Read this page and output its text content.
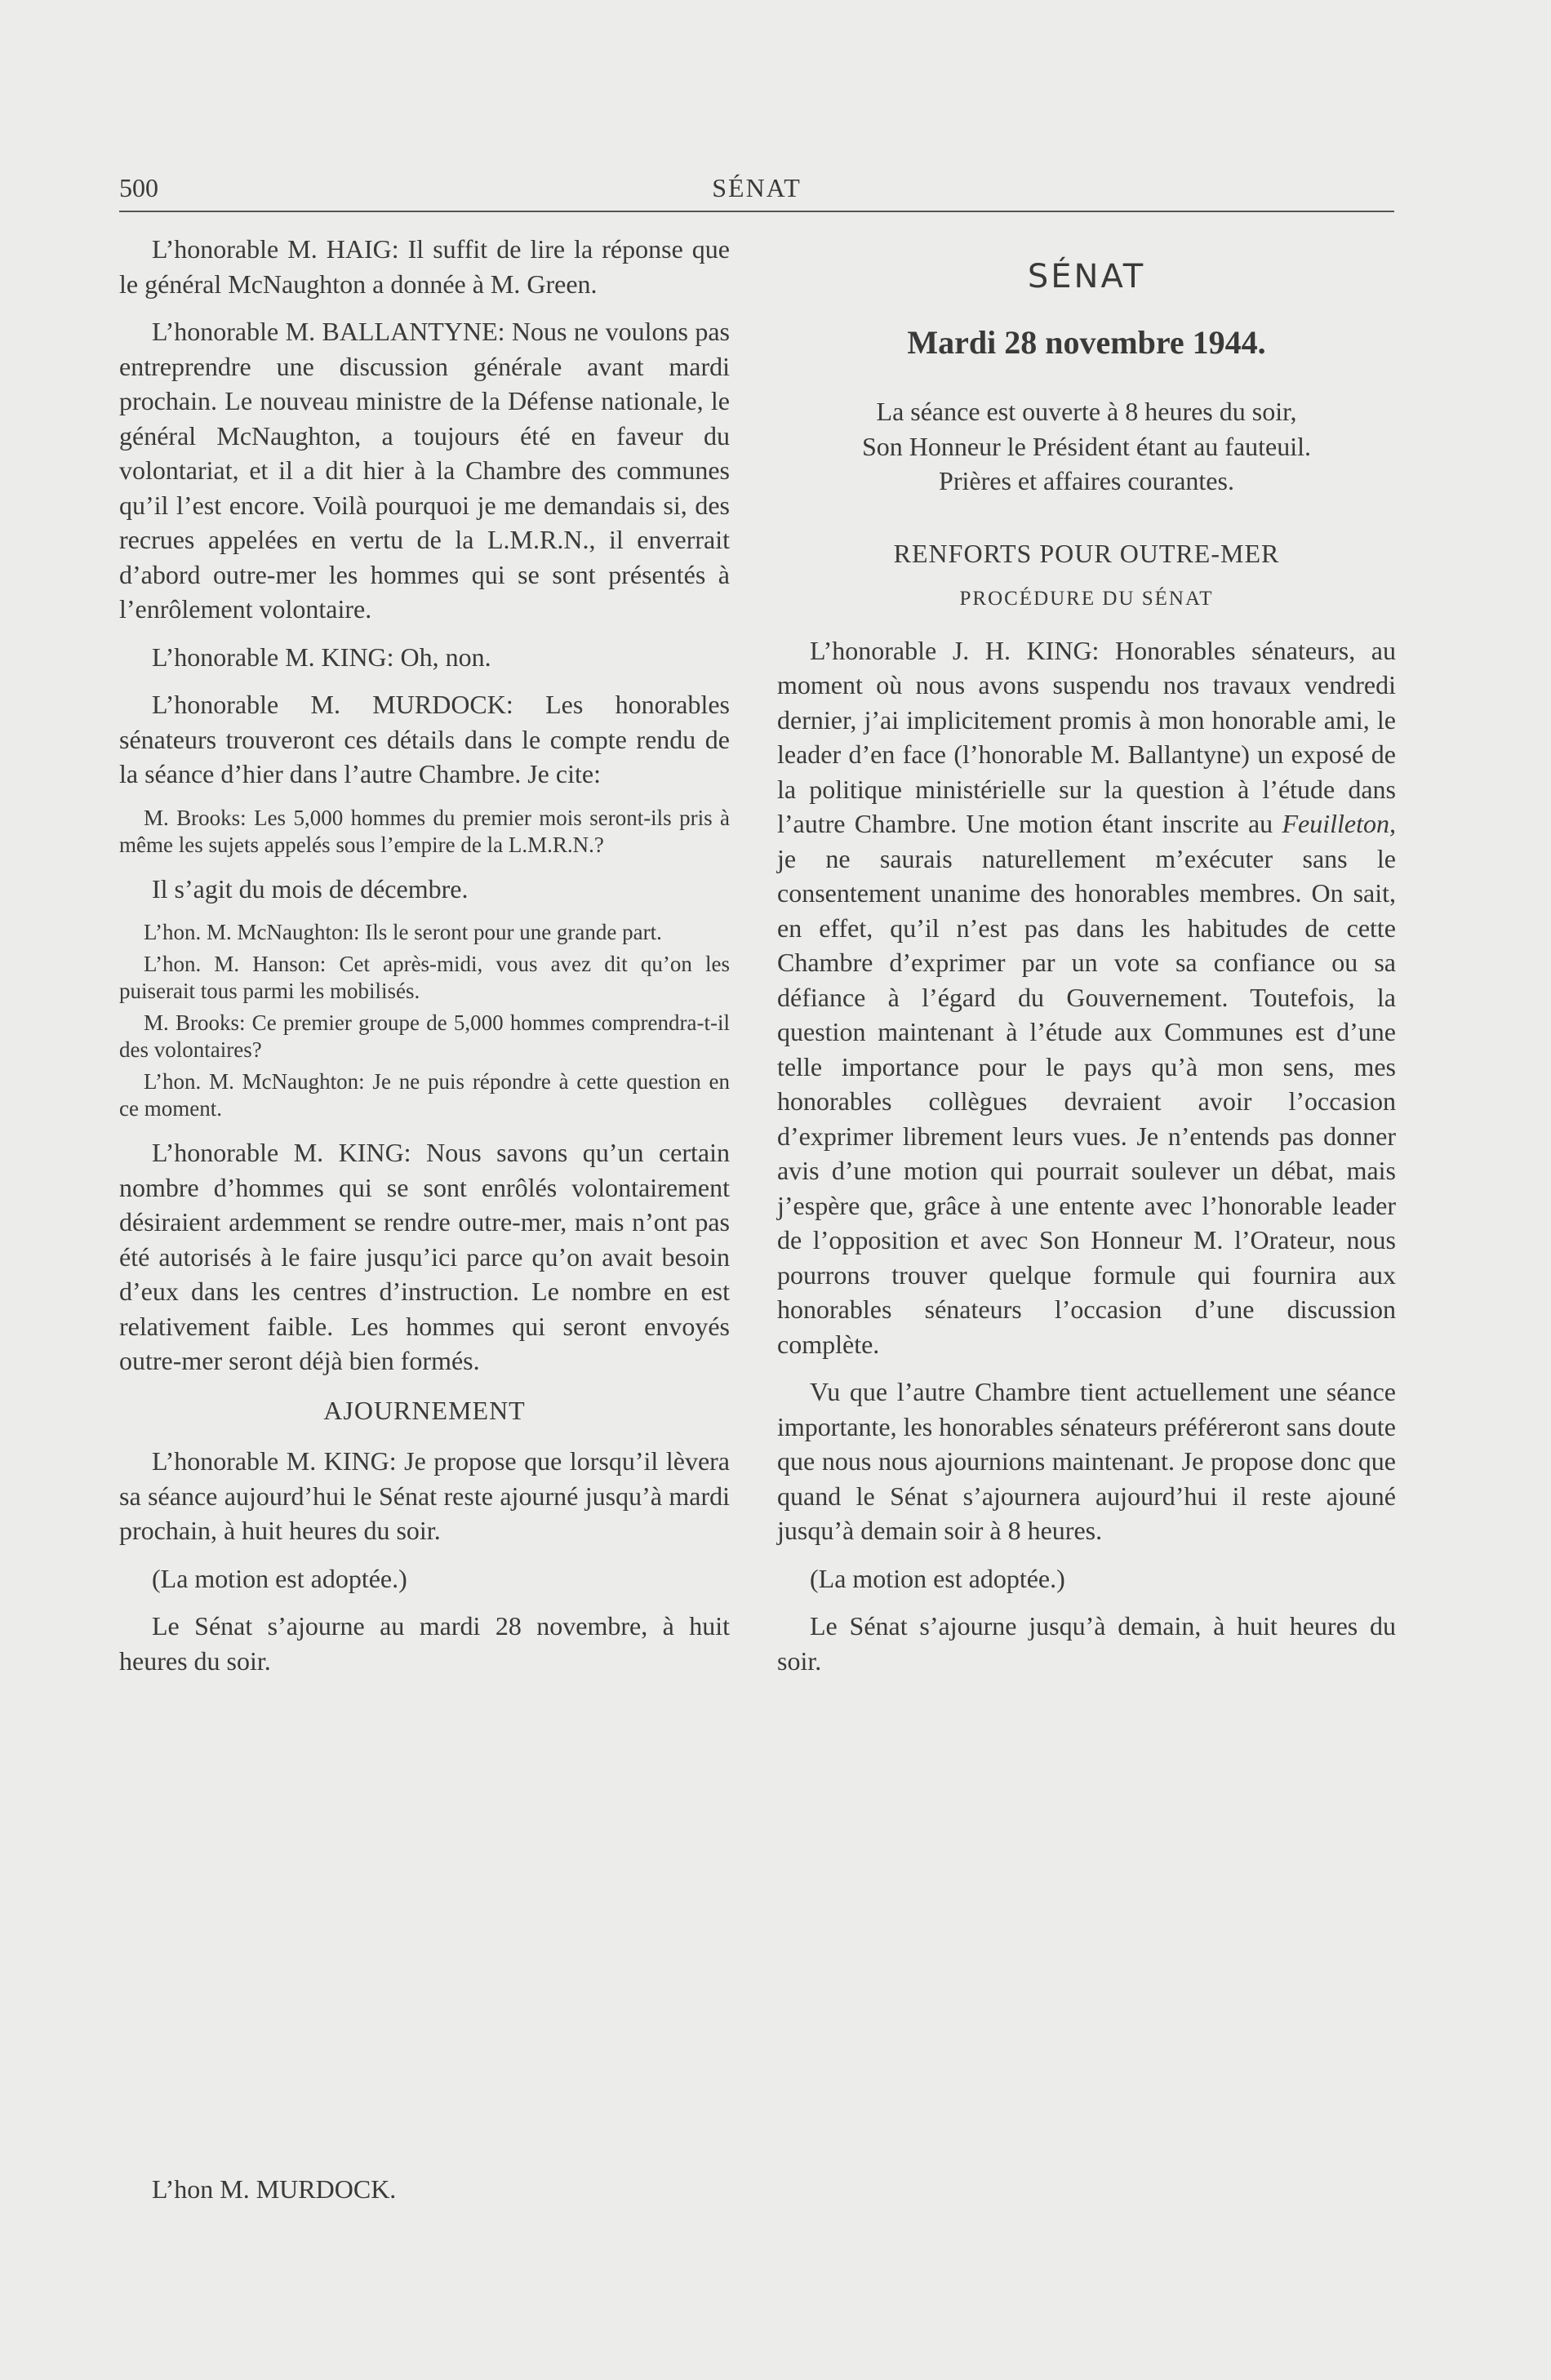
500	SÉNAT

L’honorable M. HAIG: Il suffit de lire la réponse que le général McNaughton a donnée à M. Green.

L’honorable M. BALLANTYNE: Nous ne voulons pas entreprendre une discussion générale avant mardi prochain. Le nouveau ministre de la Défense nationale, le général McNaughton, a toujours été en faveur du volontariat, et il a dit hier à la Chambre des communes qu’il l’est encore. Voilà pourquoi je me demandais si, des recrues appelées en vertu de la L.M.R.N., il enverrait d’abord outre-mer les hommes qui se sont présentés à l’enrôlement volontaire.

L’honorable M. KING: Oh, non.

L’honorable M. MURDOCK: Les honorables sénateurs trouveront ces détails dans le compte rendu de la séance d’hier dans l’autre Chambre. Je cite:

M. Brooks: Les 5,000 hommes du premier mois seront-ils pris à même les sujets appelés sous l’empire de la L.M.R.N.?

Il s’agit du mois de décembre.

L’hon. M. McNaughton: Ils le seront pour une grande part.

L’hon. M. Hanson: Cet après-midi, vous avez dit qu’on les puiserait tous parmi les mobilisés.

M. Brooks: Ce premier groupe de 5,000 hommes comprendra-t-il des volontaires?

L’hon. M. McNaughton: Je ne puis répondre à cette question en ce moment.

L’honorable M. KING: Nous savons qu’un certain nombre d’hommes qui se sont enrôlés volontairement désiraient ardemment se rendre outre-mer, mais n’ont pas été autorisés à le faire jusqu’ici parce qu’on avait besoin d’eux dans les centres d’instruction. Le nombre en est relativement faible. Les hommes qui seront envoyés outre-mer seront déjà bien formés.

AJOURNEMENT

L’honorable M. KING: Je propose que lorsqu’il lèvera sa séance aujourd’hui le Sénat reste ajourné jusqu’à mardi prochain, à huit heures du soir.

(La motion est adoptée.)

Le Sénat s’ajourne au mardi 28 novembre, à huit heures du soir.

SÉNAT
Mardi 28 novembre 1944.

La séance est ouverte à 8 heures du soir,

Son Honneur le Président étant au fauteuil.

Prières et affaires courantes.

RENFORTS POUR OUTRE-MER
PROCÉDURE DU SÉNAT

L’honorable J. H. KING: Honorables sénateurs, au moment où nous avons suspendu nos travaux vendredi dernier, j’ai implicitement promis à mon honorable ami, le leader d’en face (l’honorable M. Ballantyne) un exposé de la politique ministérielle sur la question à l’étude dans l’autre Chambre. Une motion étant inscrite au Feuilleton, je ne saurais naturellement m’exécuter sans le consentement unanime des honorables membres. On sait, en effet, qu’il n’est pas dans les habitudes de cette Chambre d’exprimer par un vote sa confiance ou sa défiance à l’égard du Gouvernement. Toutefois, la question maintenant à l’étude aux Communes est d’une telle importance pour le pays qu’à mon sens, mes honorables collègues devraient avoir l’occasion d’exprimer librement leurs vues. Je n’entends pas donner avis d’une motion qui pourrait soulever un débat, mais j’espère que, grâce à une entente avec l’honorable leader de l’opposition et avec Son Honneur M. l’Orateur, nous pourrons trouver quelque formule qui fournira aux honorables sénateurs l’occasion d’une discussion complète.

Vu que l’autre Chambre tient actuellement une séance importante, les honorables sénateurs préféreront sans doute que nous nous ajournions maintenant. Je propose donc que quand le Sénat s’ajournera aujourd’hui il reste ajouné jusqu’à demain soir à 8 heures.

(La motion est adoptée.)

Le Sénat s’ajourne jusqu’à demain, à huit heures du soir.

L’hon M. MURDOCK.
